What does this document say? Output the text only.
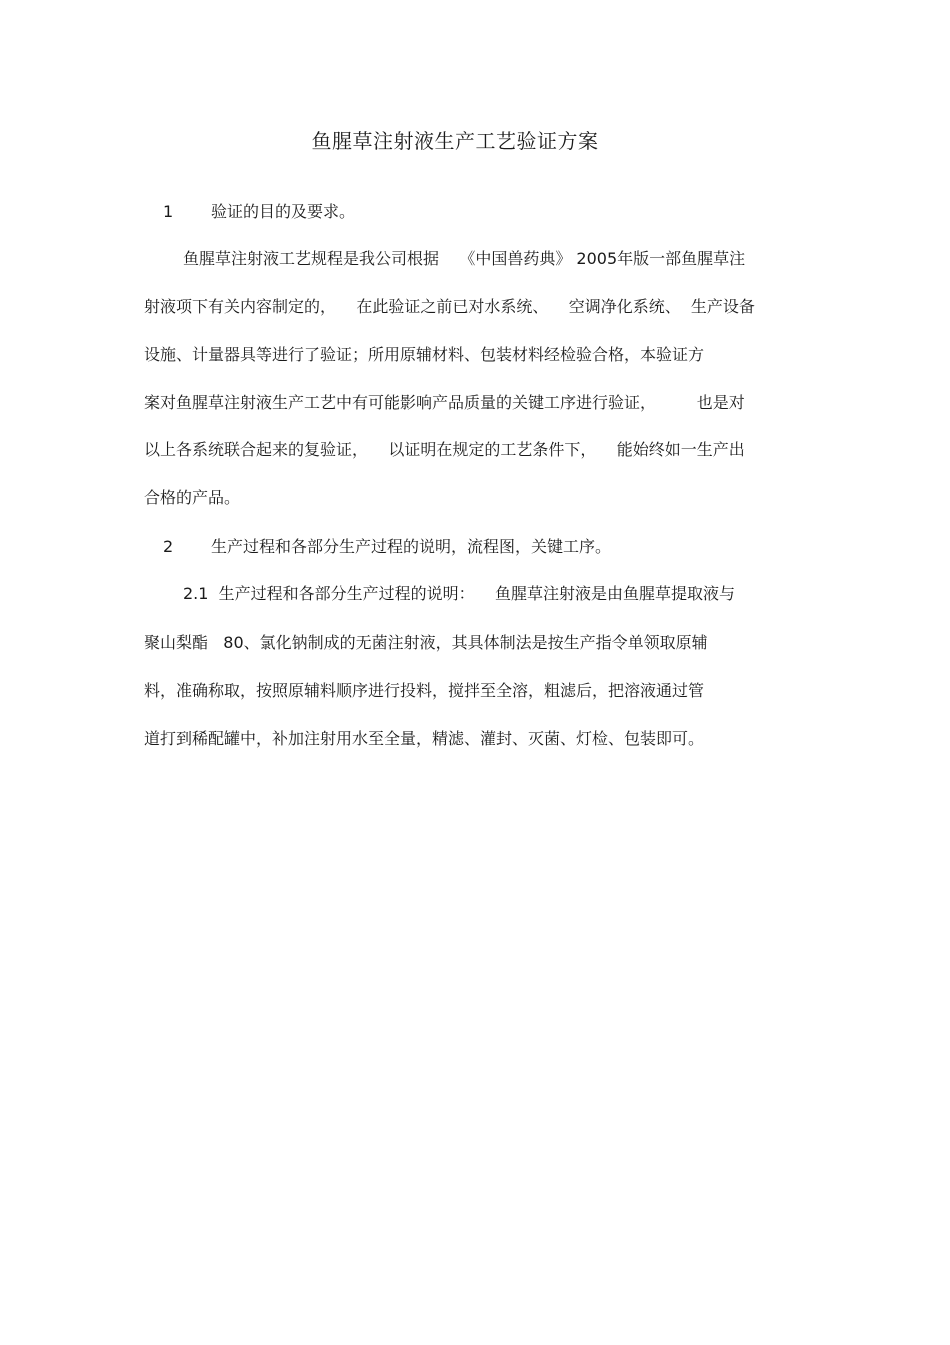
鱼腥草注射液生产工艺验证方案
1 验证的目的及要求。
鱼腥草注射液工艺规程是我公司根据    《中国兽药典》 2005年版一部鱼腥草注
射液项下有关内容制定的，    在此验证之前已对水系统、    空调净化系统、  生产设备
设施、计量器具等进行了验证；所用原辅材料、包装材料经检验合格，本验证方
案对鱼腥草注射液生产工艺中有可能影响产品质量的关键工序进行验证，        也是对
以上各系统联合起来的复验证，    以证明在规定的工艺条件下，    能始终如一生产出
合格的产品。
2 生产过程和各部分生产过程的说明，流程图，关键工序。
2.1  生产过程和各部分生产过程的说明：    鱼腥草注射液是由鱼腥草提取液与
聚山梨酯   80、氯化钠制成的无菌注射液，其具体制法是按生产指令单领取原辅
料，准确称取，按照原辅料顺序进行投料，搅拌至全溶，粗滤后，把溶液通过管
道打到稀配罐中，补加注射用水至全量，精滤、灌封、灭菌、灯检、包装即可。
